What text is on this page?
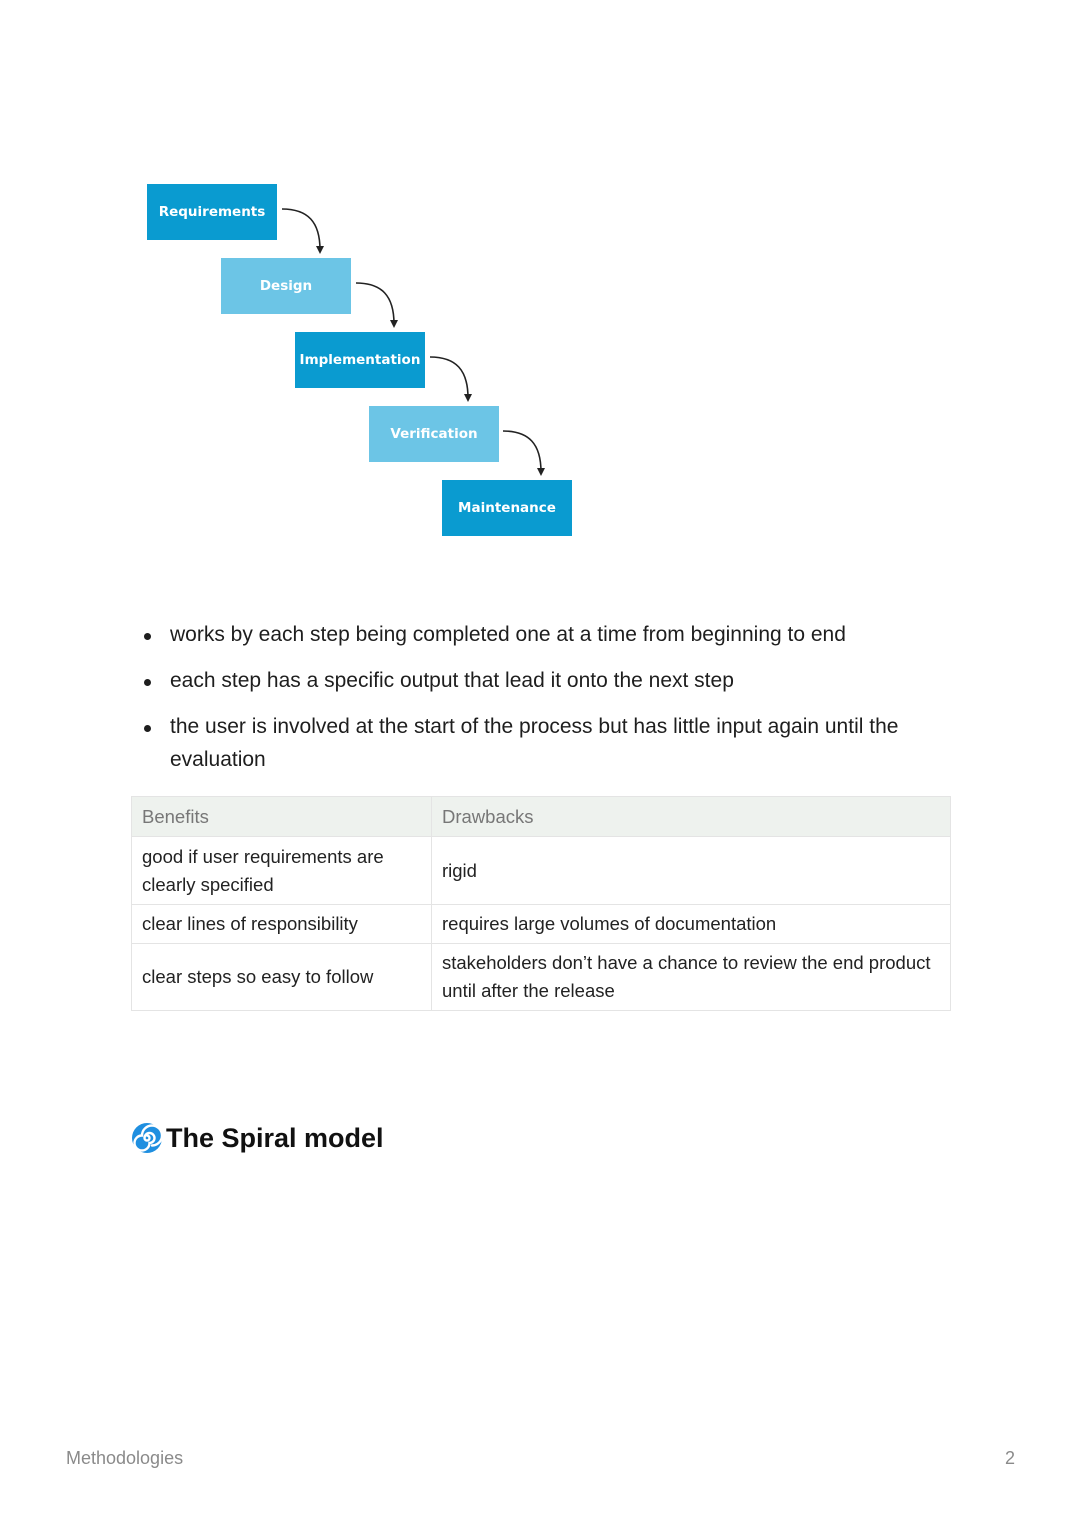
Requirements
Design
Implementation
Verification
Maintenance
works by each step being completed one at a time from beginning to end
each step has a specific output that lead it onto the next step
the user is involved at the start of the process but has little input again until the evaluation
Benefits	Drawbacks
good if user requirements are clearly specified	rigid
clear lines of responsibility	requires large volumes of documentation
clear steps so easy to follow	stakeholders don’t have a chance to review the end product until after the release
The Spiral model
Methodologies	2
